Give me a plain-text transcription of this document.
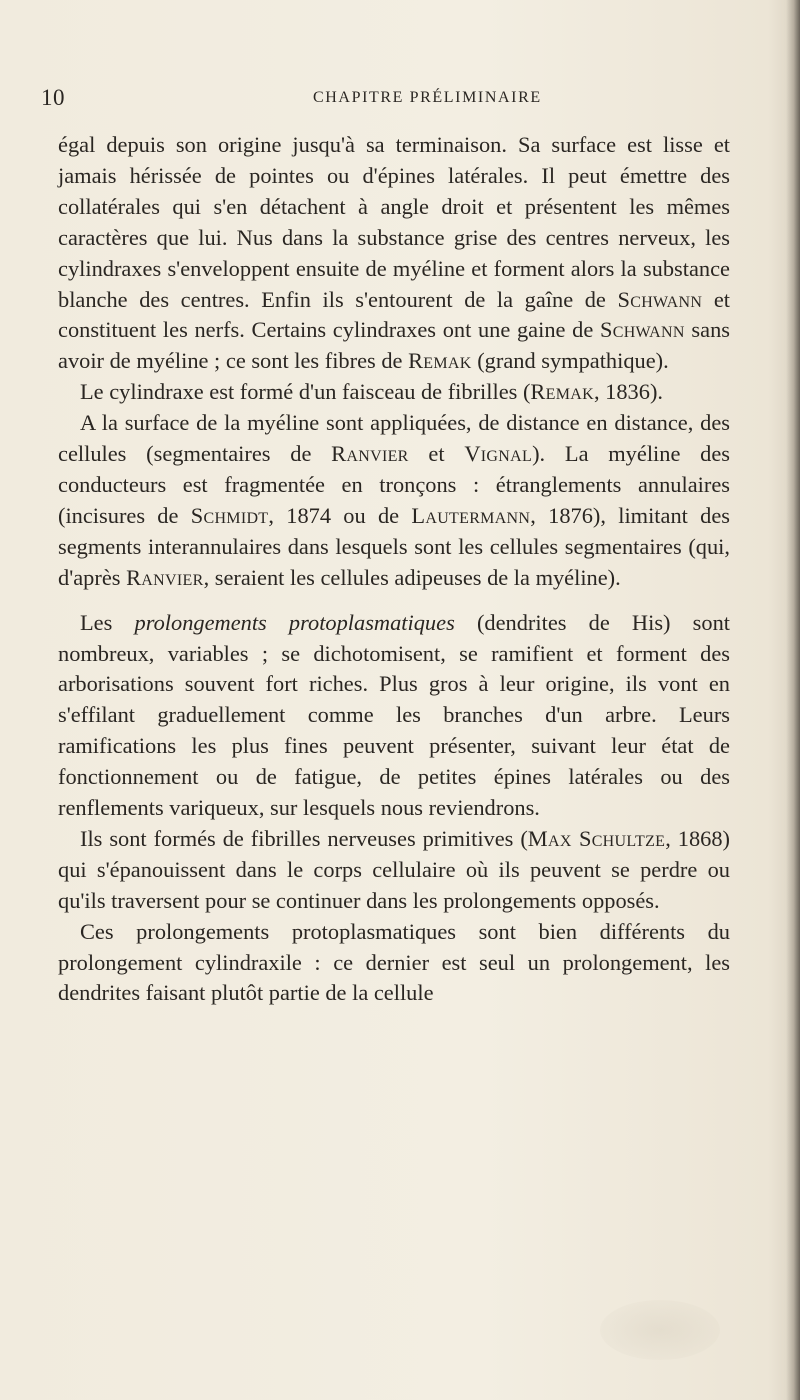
10	CHAPITRE PRÉLIMINAIRE

égal depuis son origine jusqu'à sa terminaison. Sa surface est lisse et jamais hérissée de pointes ou d'épines latérales. Il peut émettre des collatérales qui s'en détachent à angle droit et présentent les mêmes caractères que lui. Nus dans la substance grise des centres nerveux, les cylindraxes s'enveloppent ensuite de myéline et forment alors la substance blanche des centres. Enfin ils s'entourent de la gaîne de Schwann et constituent les nerfs. Certains cylindraxes ont une gaine de Schwann sans avoir de myéline ; ce sont les fibres de Remak (grand sympathique).

Le cylindraxe est formé d'un faisceau de fibrilles (Remak, 1836).

A la surface de la myéline sont appliquées, de distance en distance, des cellules (segmentaires de Ranvier et Vignal). La myéline des conducteurs est fragmentée en tronçons : étranglements annulaires (incisures de Schmidt, 1874 ou de Lautermann, 1876), limitant des segments interannulaires dans lesquels sont les cellules segmentaires (qui, d'après Ranvier, seraient les cellules adipeuses de la myéline).

Les prolongements protoplasmatiques (dendrites de His) sont nombreux, variables ; se dichotomisent, se ramifient et forment des arborisations souvent fort riches. Plus gros à leur origine, ils vont en s'effilant graduellement comme les branches d'un arbre. Leurs ramifications les plus fines peuvent présenter, suivant leur état de fonctionnement ou de fatigue, de petites épines latérales ou des renflements variqueux, sur lesquels nous reviendrons.

Ils sont formés de fibrilles nerveuses primitives (Max Schultze, 1868) qui s'épanouissent dans le corps cellulaire où ils peuvent se perdre ou qu'ils traversent pour se continuer dans les prolongements opposés.

Ces prolongements protoplasmatiques sont bien différents du prolongement cylindraxile : ce dernier est seul un prolongement, les dendrites faisant plutôt partie de la cellule
